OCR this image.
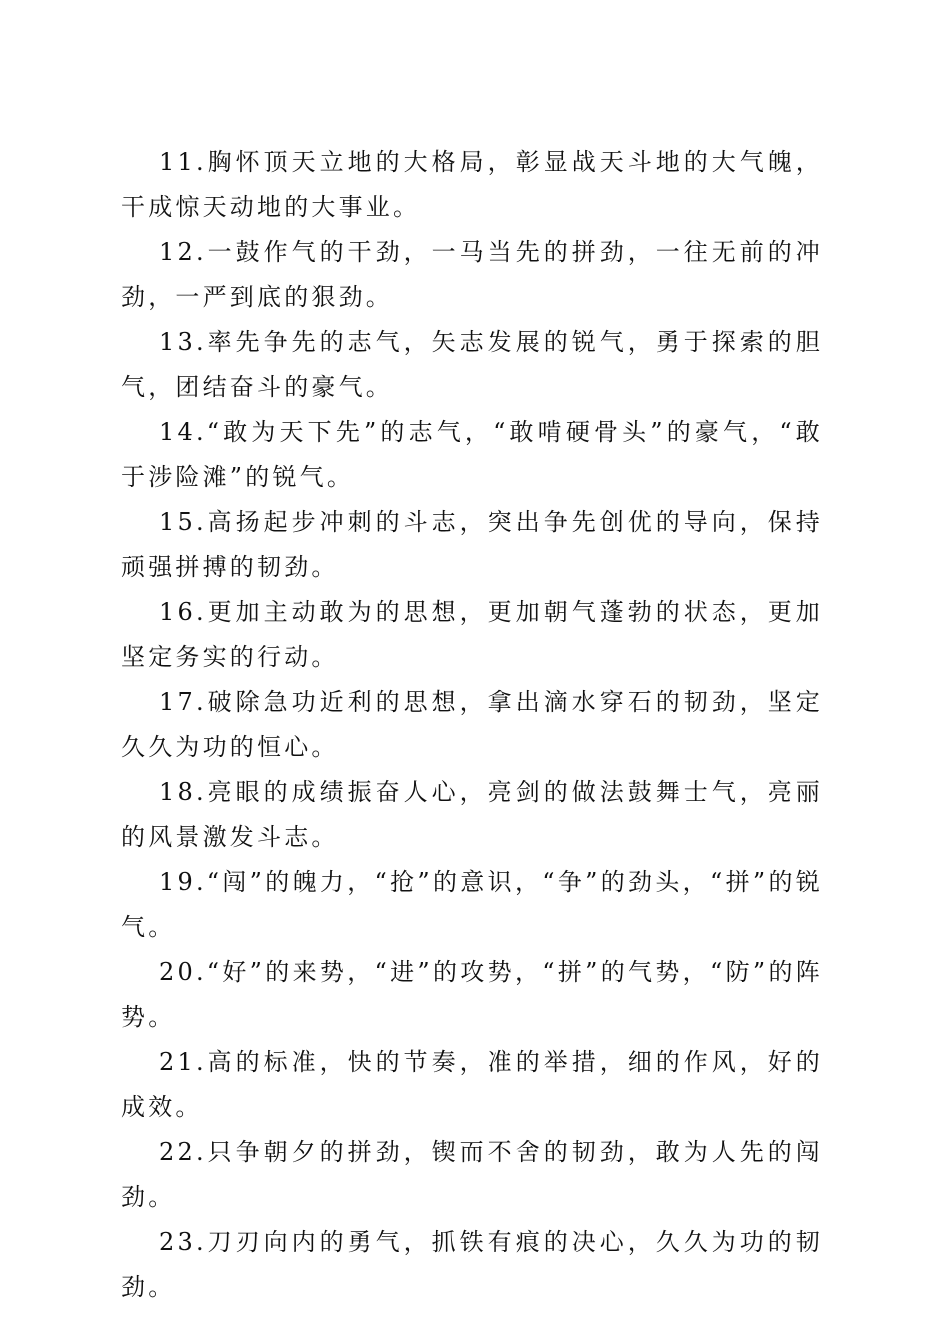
11.胸怀顶天立地的大格局，彰显战天斗地的大气魄，干成惊天动地的大事业。

12.一鼓作气的干劲，一马当先的拼劲，一往无前的冲劲，一严到底的狠劲。

13.率先争先的志气，矢志发展的锐气，勇于探索的胆气，团结奋斗的豪气。

14.“敢为天下先”的志气，“敢啃硬骨头”的豪气，“敢于涉险滩”的锐气。

15.高扬起步冲刺的斗志，突出争先创优的导向，保持顽强拼搏的韧劲。

16.更加主动敢为的思想，更加朝气蓬勃的状态，更加坚定务实的行动。

17.破除急功近利的思想，拿出滴水穿石的韧劲，坚定久久为功的恒心。

18.亮眼的成绩振奋人心，亮剑的做法鼓舞士气，亮丽的风景激发斗志。

19.“闯”的魄力，“抢”的意识，“争”的劲头，“拼”的锐气。

20.“好”的来势，“进”的攻势，“拼”的气势，“防”的阵势。

21.高的标准，快的节奏，准的举措，细的作风，好的成效。

22.只争朝夕的拼劲，锲而不舍的韧劲，敢为人先的闯劲。

23.刀刃向内的勇气，抓铁有痕的决心，久久为功的韧劲。
